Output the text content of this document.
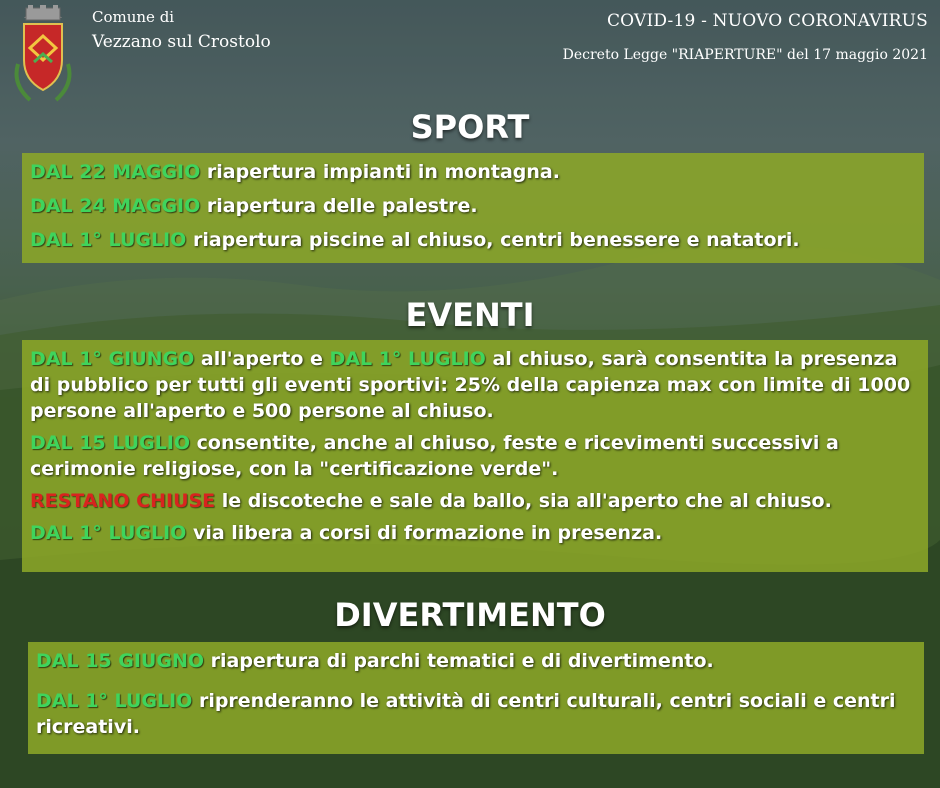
Comune di
Vezzano sul Crostolo
COVID-19 - NUOVO CORONAVIRUS
Decreto Legge "RIAPERTURE" del 17 maggio 2021
SPORT
DAL 22 MAGGIO riapertura impianti in montagna.
DAL 24 MAGGIO riapertura delle palestre.
DAL 1° LUGLIO riapertura piscine al chiuso, centri benessere e natatori.
EVENTI
DAL 1° GIUNGO all'aperto e DAL 1° LUGLIO al chiuso, sarà consentita la presenza di pubblico per tutti gli eventi sportivi: 25% della capienza max con limite di 1000 persone all'aperto e 500 persone al chiuso.
DAL 15 LUGLIO consentite, anche al chiuso, feste e ricevimenti successivi a cerimonie religiose, con la "certificazione verde".
RESTANO CHIUSE le discoteche e sale da ballo, sia all'aperto che al chiuso.
DAL 1° LUGLIO via libera a corsi di formazione in presenza.
DIVERTIMENTO
DAL 15 GIUGNO riapertura di parchi tematici e di divertimento.
DAL 1° LUGLIO riprenderanno le attività di centri culturali, centri sociali e centri ricreativi.
